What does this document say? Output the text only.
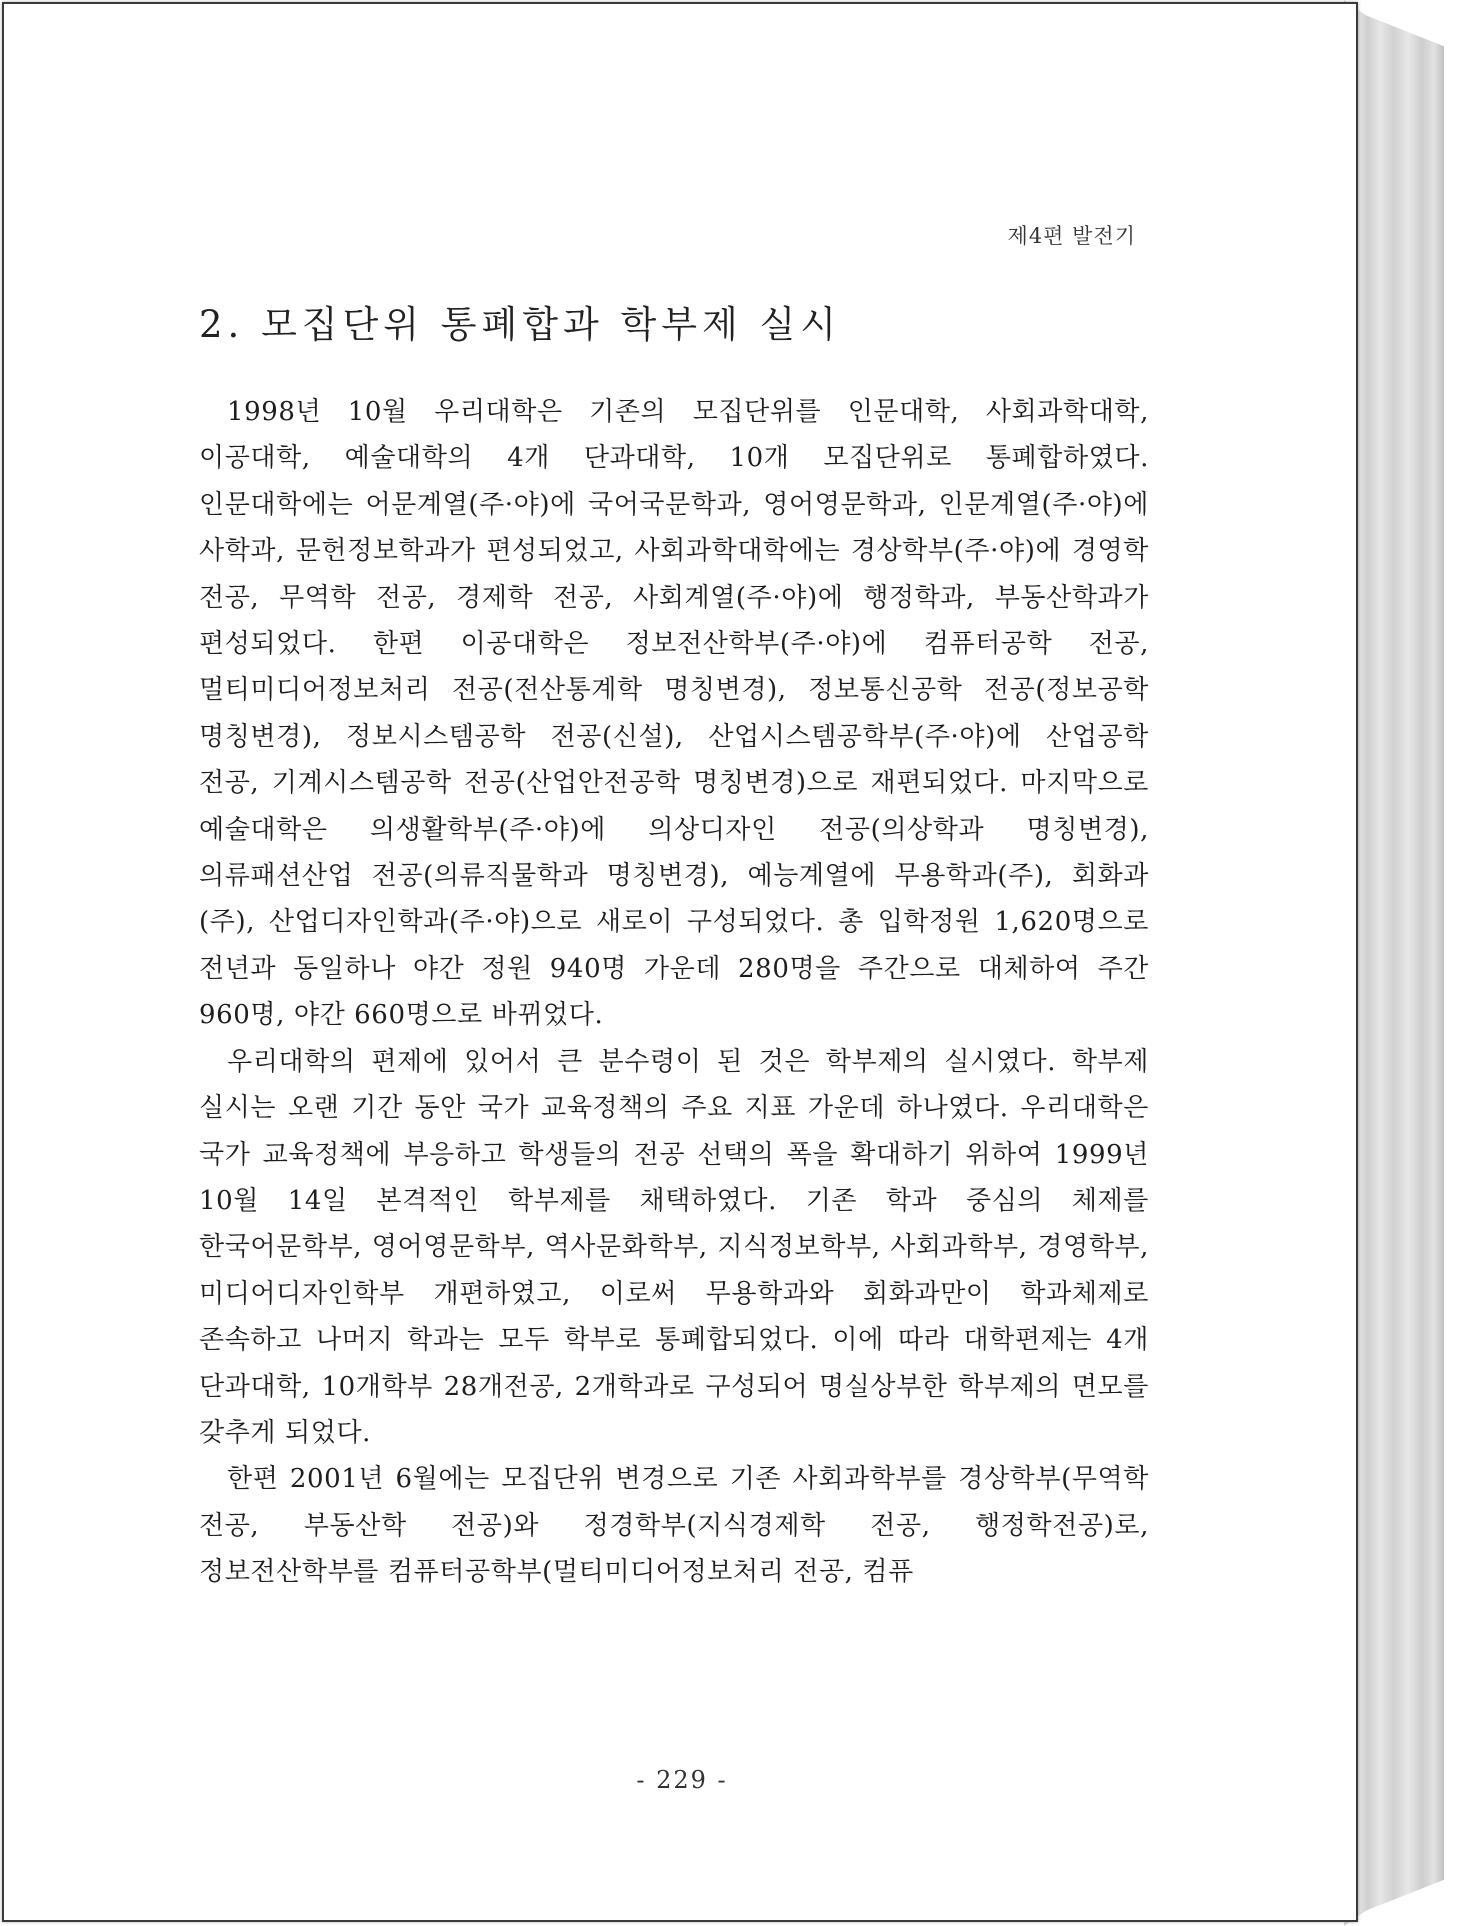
제4편 발전기
2. 모집단위 통폐합과 학부제 실시

1998년 10월 우리대학은 기존의 모집단위를 인문대학, 사회과학대학, 이공대학, 예술대학의 4개 단과대학, 10개 모집단위로 통폐합하였다. 인문대학에는 어문계열(주·야)에 국어국문학과, 영어영문학과, 인문계열(주·야)에 사학과, 문헌정보학과가 편성되었고, 사회과학대학에는 경상학부(주·야)에 경영학 전공, 무역학 전공, 경제학 전공, 사회계열(주·야)에 행정학과, 부동산학과가 편성되었다. 한편 이공대학은 정보전산학부(주·야)에 컴퓨터공학 전공, 멀티미디어정보처리 전공(전산통계학 명칭변경), 정보통신공학 전공(정보공학 명칭변경), 정보시스템공학 전공(신설), 산업시스템공학부(주·야)에 산업공학 전공, 기계시스템공학 전공(산업안전공학 명칭변경)으로 재편되었다. 마지막으로 예술대학은 의생활학부(주·야)에 의상디자인 전공(의상학과 명칭변경), 의류패션산업 전공(의류직물학과 명칭변경), 예능계열에 무용학과(주), 회화과(주), 산업디자인학과(주·야)으로 새로이 구성되었다. 총 입학정원 1,620명으로 전년과 동일하나 야간 정원 940명 가운데 280명을 주간으로 대체하여 주간 960명, 야간 660명으로 바뀌었다.

우리대학의 편제에 있어서 큰 분수령이 된 것은 학부제의 실시였다. 학부제 실시는 오랜 기간 동안 국가 교육정책의 주요 지표 가운데 하나였다. 우리대학은 국가 교육정책에 부응하고 학생들의 전공 선택의 폭을 확대하기 위하여 1999년 10월 14일 본격적인 학부제를 채택하였다. 기존 학과 중심의 체제를 한국어문학부, 영어영문학부, 역사문화학부, 지식정보학부, 사회과학부, 경영학부, 미디어디자인학부 개편하였고, 이로써 무용학과와 회화과만이 학과체제로 존속하고 나머지 학과는 모두 학부로 통폐합되었다. 이에 따라 대학편제는 4개 단과대학, 10개학부 28개전공, 2개학과로 구성되어 명실상부한 학부제의 면모를 갖추게 되었다.

한편 2001년 6월에는 모집단위 변경으로 기존 사회과학부를 경상학부(무역학 전공, 부동산학 전공)와 정경학부(지식경제학 전공, 행정학전공)로, 정보전산학부를 컴퓨터공학부(멀티미디어정보처리 전공, 컴퓨

- 229 -
